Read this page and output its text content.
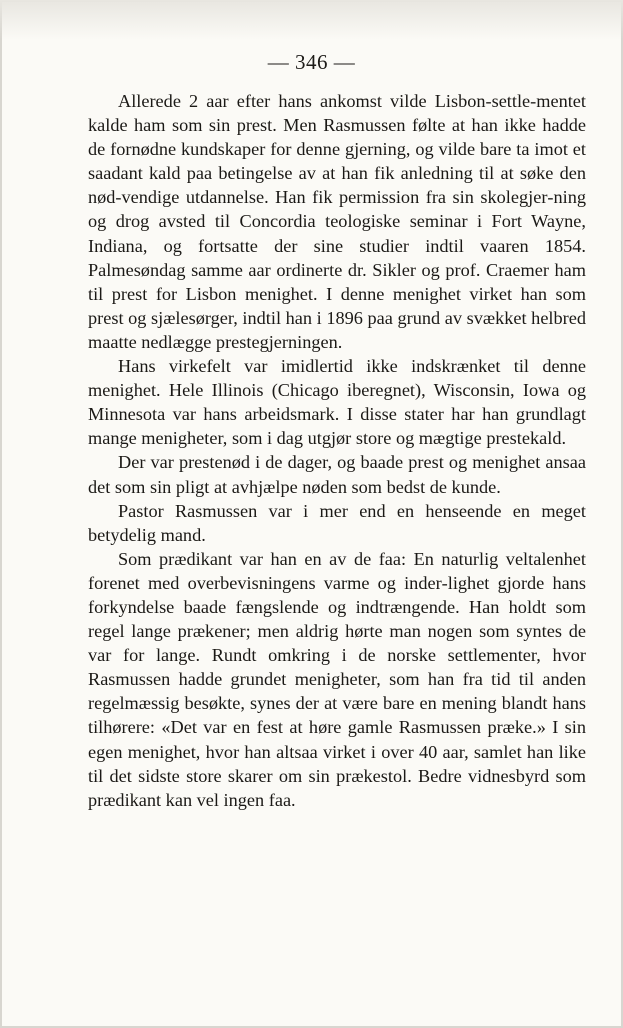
— 346 —

Allerede 2 aar efter hans ankomst vilde Lisbon‑settle‑mentet kalde ham som sin prest. Men Rasmussen følte at han ikke hadde de fornødne kundskaper for denne gjerning, og vilde bare ta imot et saadant kald paa betingelse av at han fik anledning til at søke den nød‑vendige utdannelse. Han fik permission fra sin skolegjer‑ning og drog avsted til Concordia teologiske seminar i Fort Wayne, Indiana, og fortsatte der sine studier indtil vaaren 1854. Palmesøndag samme aar ordinerte dr. Sikler og prof. Craemer ham til prest for Lisbon menighet. I denne menighet virket han som prest og sjælesørger, indtil han i 1896 paa grund av svækket helbred maatte nedlægge prestegjerningen.

Hans virkefelt var imidlertid ikke indskrænket til denne menighet. Hele Illinois (Chicago iberegnet), Wisconsin, Iowa og Minnesota var hans arbeidsmark. I disse stater har han grundlagt mange menigheter, som i dag utgjør store og mægtige prestekald.

Der var prestenød i de dager, og baade prest og menighet ansaa det som sin pligt at avhjælpe nøden som bedst de kunde.

Pastor Rasmussen var i mer end en henseende en meget betydelig mand.

Som prædikant var han en av de faa: En naturlig veltalenhet forenet med overbevisningens varme og inder‑lighet gjorde hans forkyndelse baade fængslende og indtrængende. Han holdt som regel lange prækener; men aldrig hørte man nogen som syntes de var for lange. Rundt omkring i de norske settlementer, hvor Rasmussen hadde grundet menigheter, som han fra tid til anden regelmæssig besøkte, synes der at være bare en mening blandt hans tilhørere: «Det var en fest at høre gamle Rasmussen præke.» I sin egen menighet, hvor han altsaa virket i over 40 aar, samlet han like til det sidste store skarer om sin prækestol. Bedre vidnesbyrd som prædikant kan vel ingen faa.
